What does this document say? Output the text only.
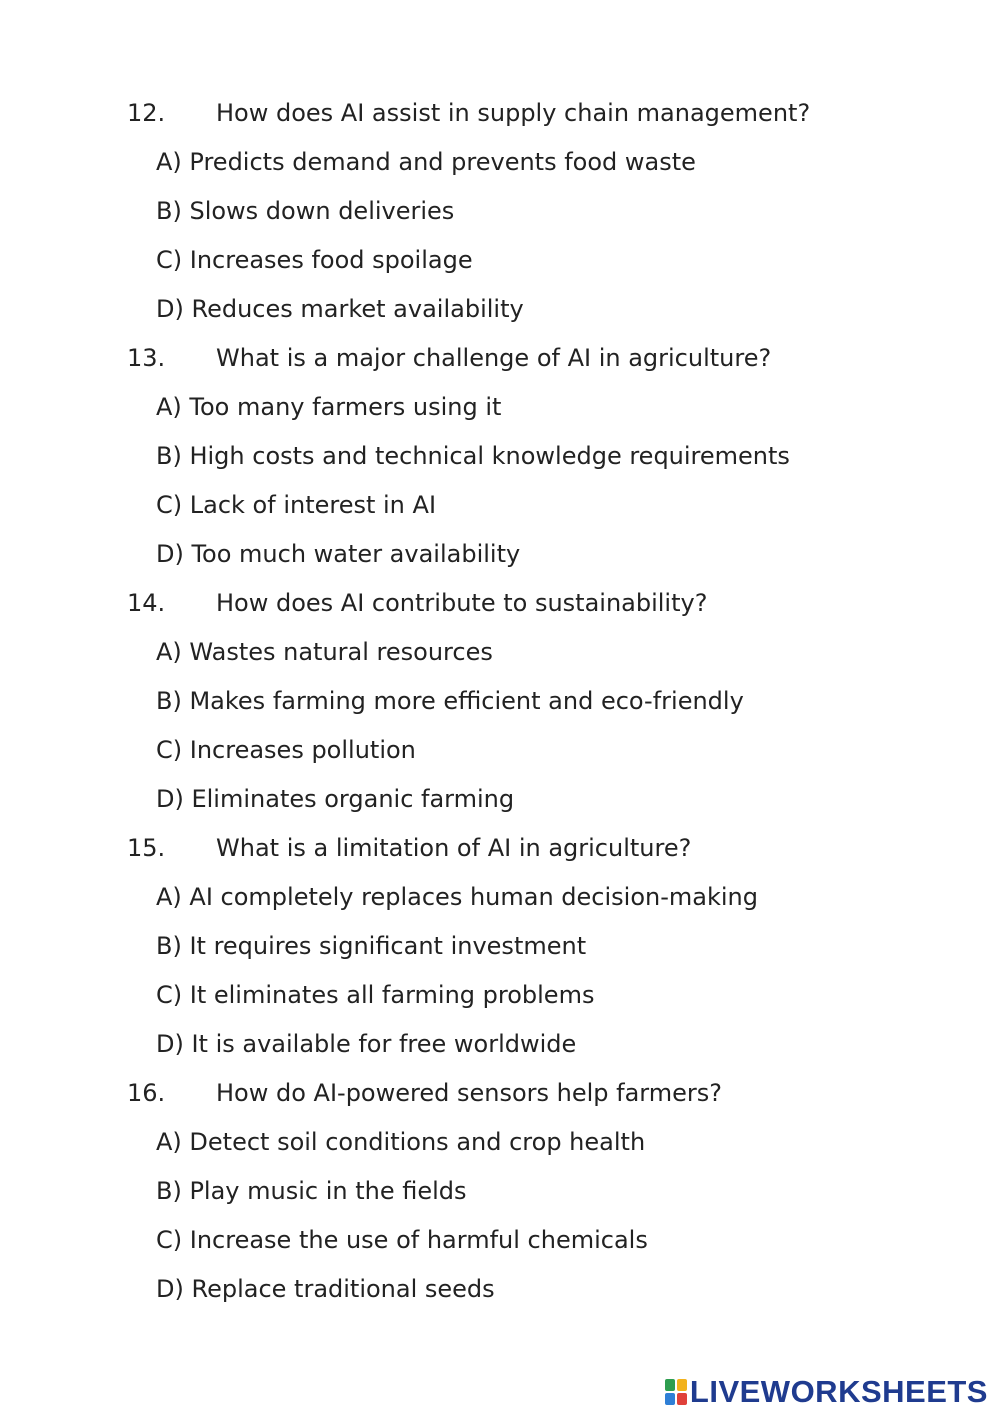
12.	How does AI assist in supply chain management?
A) Predicts demand and prevents food waste
B) Slows down deliveries
C) Increases food spoilage
D) Reduces market availability
13.	What is a major challenge of AI in agriculture?
A) Too many farmers using it
B) High costs and technical knowledge requirements
C) Lack of interest in AI
D) Too much water availability
14.	How does AI contribute to sustainability?
A) Wastes natural resources
B) Makes farming more efficient and eco-friendly
C) Increases pollution
D) Eliminates organic farming
15.	What is a limitation of AI in agriculture?
A) AI completely replaces human decision-making
B) It requires significant investment
C) It eliminates all farming problems
D) It is available for free worldwide
16.	How do AI-powered sensors help farmers?
A) Detect soil conditions and crop health
B) Play music in the fields
C) Increase the use of harmful chemicals
D) Replace traditional seeds
LIVEWORKSHEETS
